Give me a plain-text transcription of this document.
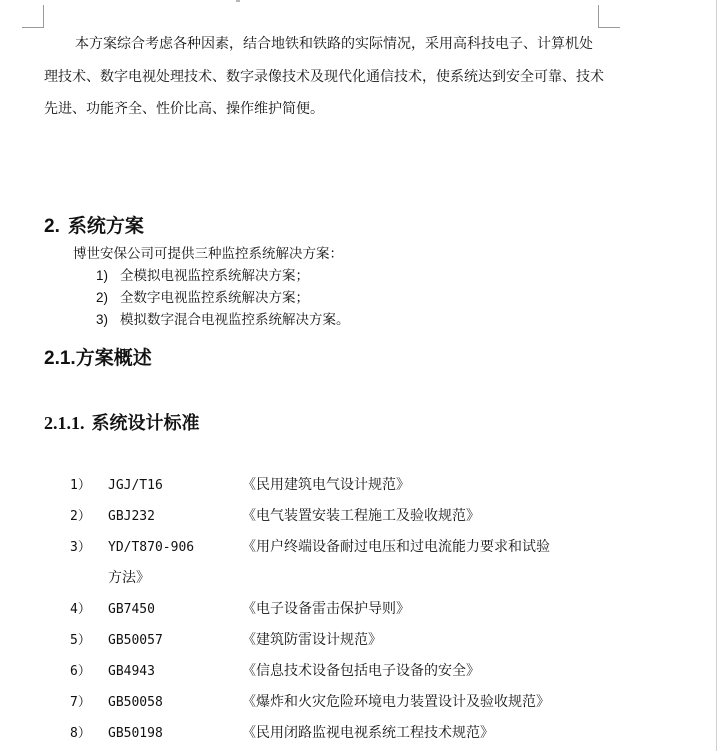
本方案综合考虑各种因素，结合地铁和铁路的实际情况，采用高科技电子、计算机处理技术、数字电视处理技术、数字录像技术及现代化通信技术，使系统达到安全可靠、技术先进、功能齐全、性价比高、操作维护简便。

2. 系统方案
博世安保公司可提供三种监控系统解决方案：
1) 全模拟电视监控系统解决方案；
2) 全数字电视监控系统解决方案；
3) 模拟数字混合电视监控系统解决方案。
2.1.方案概述
2.1.1. 系统设计标准
1）	JGJ/T16	《民用建筑电气设计规范》
2）	GBJ232	《电气装置安装工程施工及验收规范》
3）	YD/T870-906	《用户终端设备耐过电压和过电流能力要求和试验
方法》
4）	GB7450	《电子设备雷击保护导则》
5）	GB50057	《建筑防雷设计规范》
6）	GB4943	《信息技术设备包括电子设备的安全》
7）	GB50058	《爆炸和火灾危险环境电力装置设计及验收规范》
8）	GB50198	《民用闭路监视电视系统工程技术规范》
